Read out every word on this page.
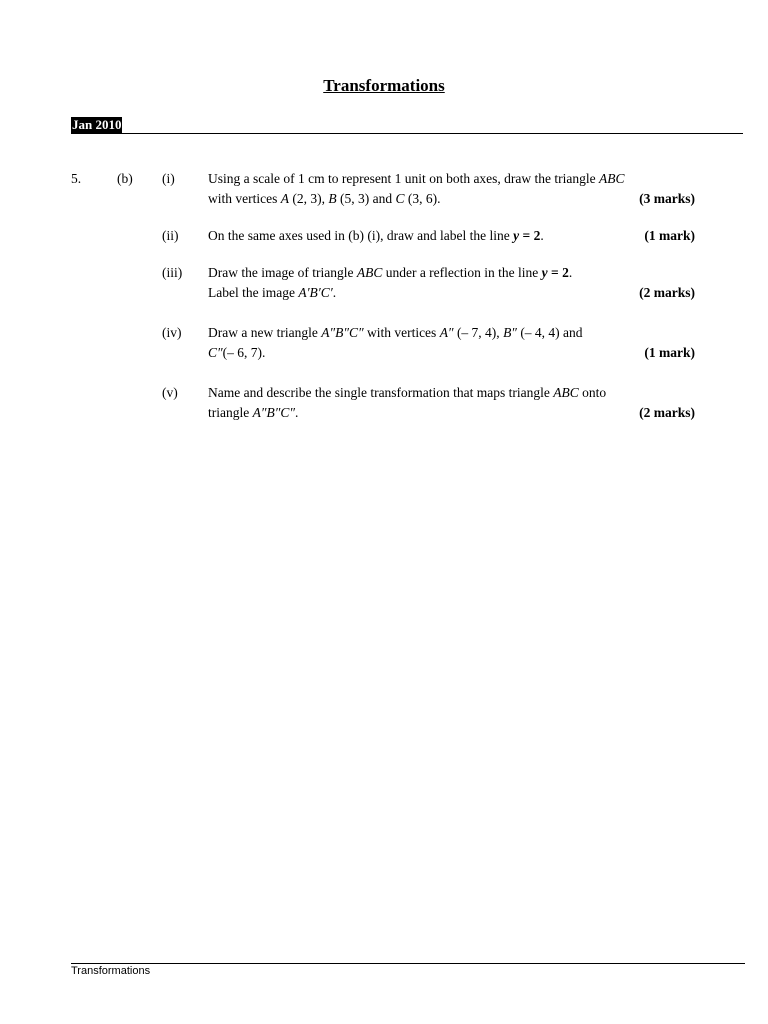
Transformations
Jan 2010
5.	(b) (i) Using a scale of 1 cm to represent 1 unit on both axes, draw the triangle ABC
with vertices A (2, 3), B (5, 3) and C (3, 6).	(3 marks)
(ii) On the same axes used in (b) (i), draw and label the line y = 2.	(1 mark)
(iii) Draw the image of triangle ABC under a reflection in the line y = 2.
Label the image A′B′C′.	(2 marks)
(iv) Draw a new triangle A″B″C″ with vertices A″ (– 7, 4), B″ (– 4, 4) and
C″(– 6, 7).	(1 mark)
(v) Name and describe the single transformation that maps triangle ABC onto
triangle A″B″C″.	(2 marks)
Transformations
